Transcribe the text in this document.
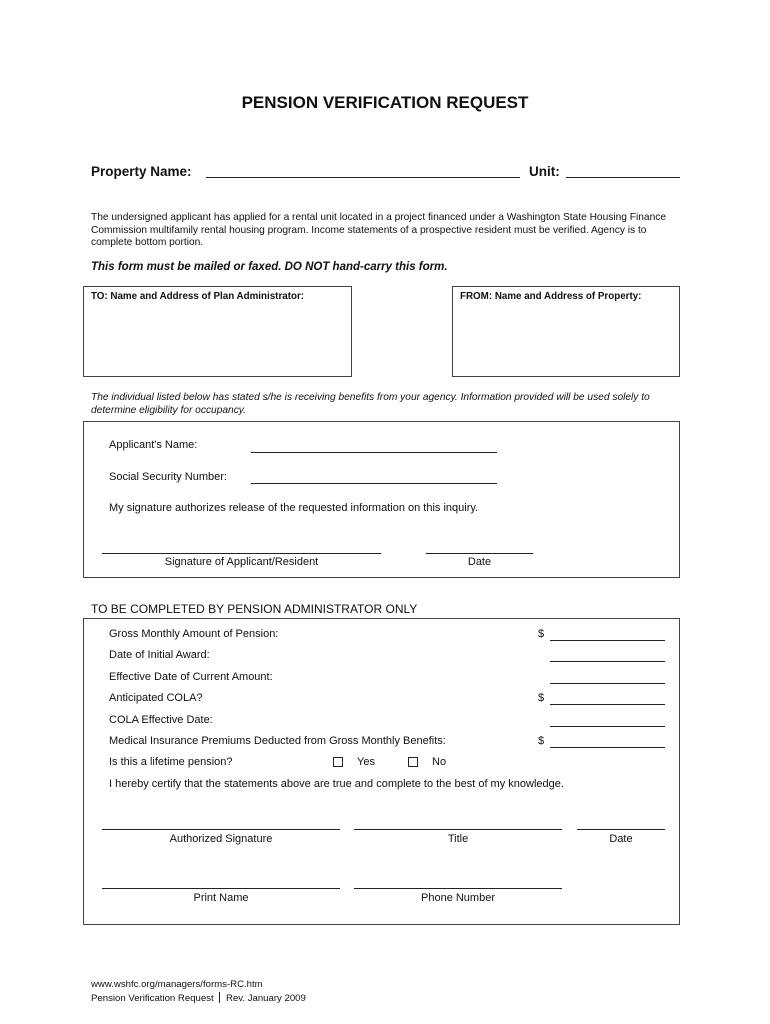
PENSION VERIFICATION REQUEST
Property Name:	Unit:
The undersigned applicant has applied for a rental unit located in a project financed under a Washington State Housing Finance Commission multifamily rental housing program. Income statements of a prospective resident must be verified. Agency is to complete bottom portion.
This form must be mailed or faxed. DO NOT hand-carry this form.
TO: Name and Address of Plan Administrator:	FROM: Name and Address of Property:
The individual listed below has stated s/he is receiving benefits from your agency. Information provided will be used solely to determine eligibility for occupancy.
Applicant's Name:
Social Security Number:
My signature authorizes release of the requested information on this inquiry.
Signature of Applicant/Resident	Date
TO BE COMPLETED BY PENSION ADMINISTRATOR ONLY
Gross Monthly Amount of Pension:	$
Date of Initial Award:
Effective Date of Current Amount:
Anticipated COLA?	$
COLA Effective Date:
Medical Insurance Premiums Deducted from Gross Monthly Benefits:	$
Is this a lifetime pension?	Yes	No
I hereby certify that the statements above are true and complete to the best of my knowledge.
Authorized Signature	Title	Date
Print Name	Phone Number
www.wshfc.org/managers/forms-RC.htm
Pension Verification Request Rev. January 2009
